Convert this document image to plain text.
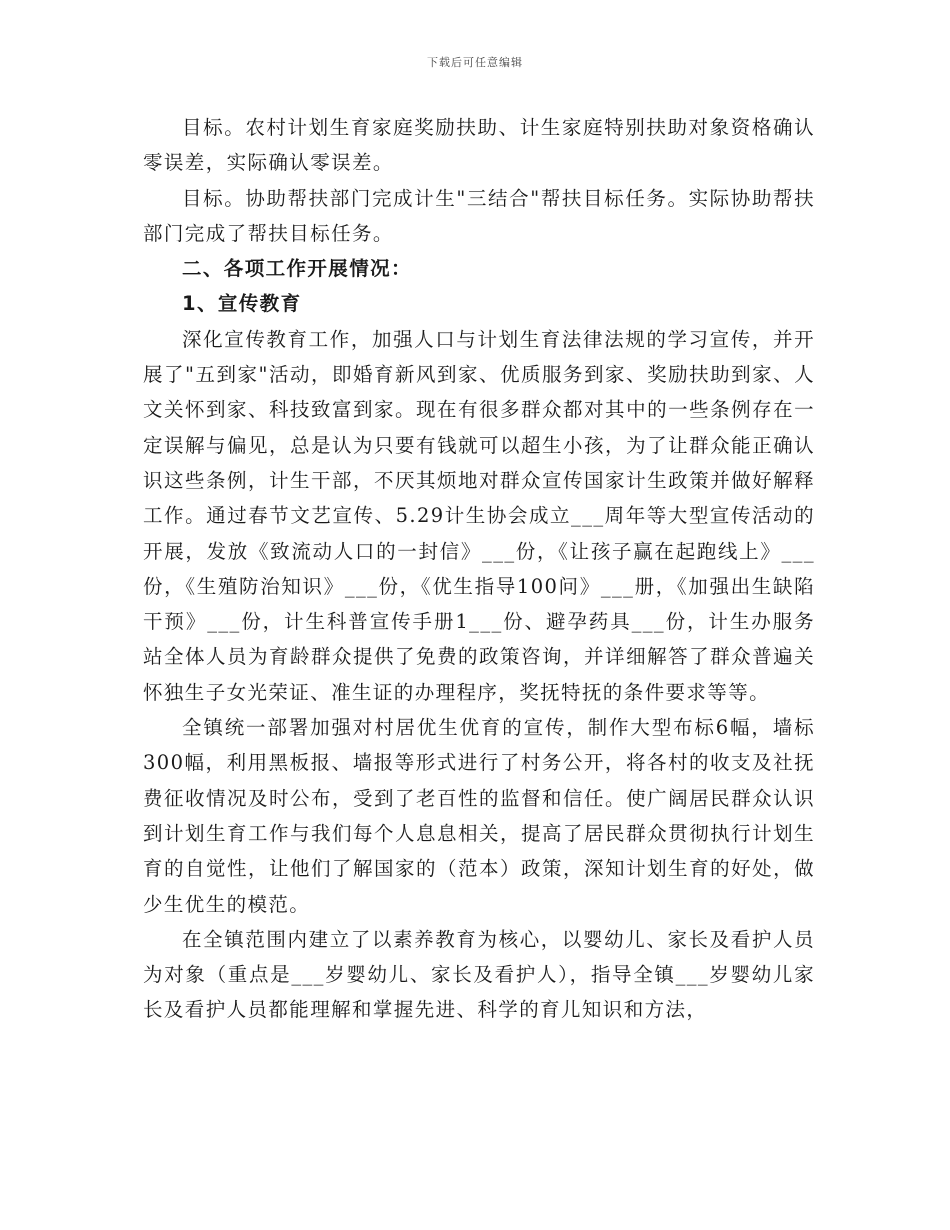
下载后可任意编辑

目标。农村计划生育家庭奖励扶助、计生家庭特别扶助对象资格确认零误差，实际确认零误差。

目标。协助帮扶部门完成计生"三结合"帮扶目标任务。实际协助帮扶部门完成了帮扶目标任务。

二、各项工作开展情况：

1、宣传教育

深化宣传教育工作，加强人口与计划生育法律法规的学习宣传，并开展了"五到家"活动，即婚育新风到家、优质服务到家、奖励扶助到家、人文关怀到家、科技致富到家。现在有很多群众都对其中的一些条例存在一定误解与偏见，总是认为只要有钱就可以超生小孩，为了让群众能正确认识这些条例，计生干部，不厌其烦地对群众宣传国家计生政策并做好解释工作。通过春节文艺宣传、5.29计生协会成立___周年等大型宣传活动的开展，发放《致流动人口的一封信》___份，《让孩子赢在起跑线上》___份，《生殖防治知识》___份，《优生指导100问》___册，《加强出生缺陷干预》___份，计生科普宣传手册1___份、避孕药具___份，计生办服务站全体人员为育龄群众提供了免费的政策咨询，并详细解答了群众普遍关怀独生子女光荣证、准生证的办理程序，奖抚特抚的条件要求等等。

全镇统一部署加强对村居优生优育的宣传，制作大型布标6幅，墙标300幅，利用黑板报、墙报等形式进行了村务公开，将各村的收支及社抚费征收情况及时公布，受到了老百性的监督和信任。使广阔居民群众认识到计划生育工作与我们每个人息息相关，提高了居民群众贯彻执行计划生育的自觉性，让他们了解国家的（范本）政策，深知计划生育的好处，做少生优生的模范。

在全镇范围内建立了以素养教育为核心，以婴幼儿、家长及看护人员为对象（重点是___岁婴幼儿、家长及看护人），指导全镇___岁婴幼儿家长及看护人员都能理解和掌握先进、科学的育儿知识和方法，
